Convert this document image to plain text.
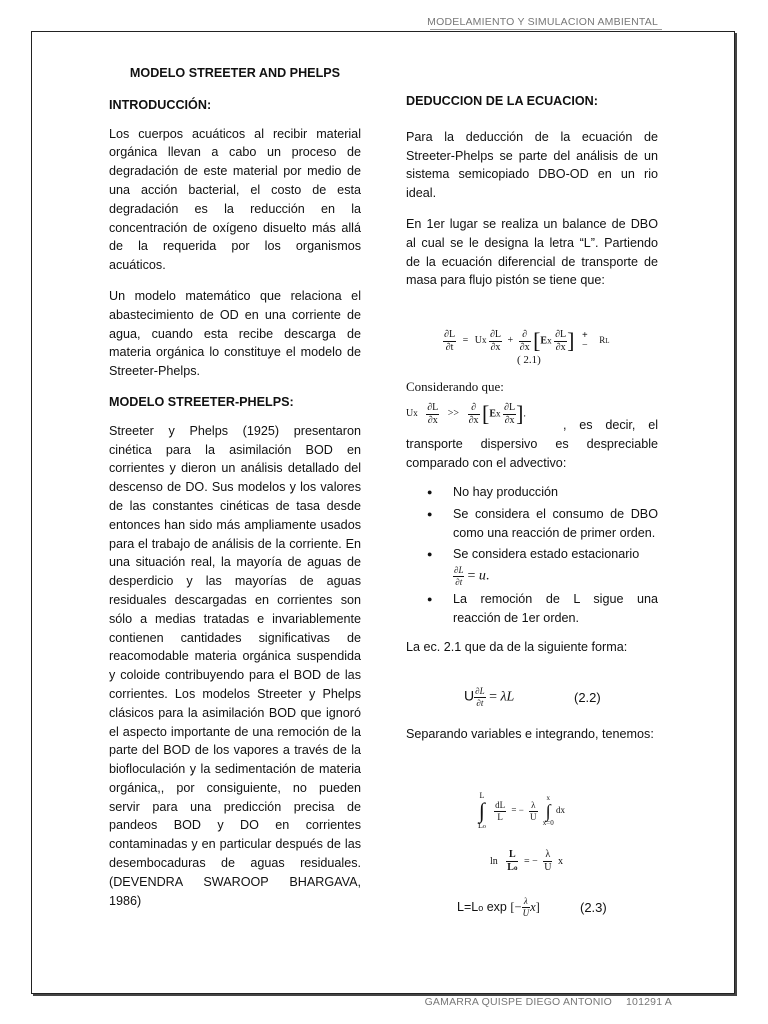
MODELAMIENTO Y SIMULACION AMBIENTAL

MODELO STREETER AND PHELPS

INTRODUCCIÓN:

Los cuerpos acuáticos al recibir material orgánica llevan a cabo un proceso de degradación de este material por medio de una acción bacterial, el costo de esta degradación es la reducción en la concentración de oxígeno disuelto más allá de la requerida por los organismos acuáticos.

Un modelo matemático que relaciona el abastecimiento de OD en una corriente de agua, cuando esta recibe descarga de materia orgánica lo constituye el modelo de Streeter-Phelps.

MODELO STREETER-PHELPS:

Streeter y Phelps (1925) presentaron cinética para la asimilación BOD en corrientes y dieron un análisis detallado del descenso de DO. Sus modelos y los valores de las constantes cinéticas de tasa desde entonces han sido más ampliamente usados para el trabajo de análisis de la corriente. En una situación real, la mayoría de aguas de desperdicio y las mayorías de aguas residuales descargadas en corrientes son sólo a medias tratadas e invariablemente contienen cantidades significativas de reacomodable materia orgánica suspendida y coloide contribuyendo para el BOD de las corrientes. Los modelos Streeter y Phelps clásicos para la asimilación BOD que ignoró el aspecto importante de una remoción de la parte del BOD de los vapores a través de la biofloculación y la sedimentación de materia orgánica,, por consiguiente, no pueden servir para una predicción precisa de pandeos BOD y DO en corrientes contaminadas y en particular después de las desembocaduras de aguas residuales. (DEVENDRA SWAROOP BHARGAVA, 1986)

DEDUCCION DE LA ECUACION:

Para la deducción de la ecuación de Streeter-Phelps se parte del análisis de un sistema semicopiado DBO-OD en un rio ideal.

En 1er lugar se realiza un balance de DBO al cual se le designa la letra “L”. Partiendo de la ecuación diferencial de transporte de masa para flujo pistón se tiene que:

$\frac{\partial L}{\partial t} = Ux \frac{\partial L}{\partial x} + \frac{\partial}{\partial x} [Ex \frac{\partial L}{\partial x}$ ] +
− RL
( 2.1)
Considerando que:
Ux $\frac{\partial L}{\partial x} >> \frac{\partial}{\partial x} [Ex \frac{\partial L}{\partial x}$ ].

, es decir, el transporte dispersivo es despreciable comparado con el advectivo:

● No hay producción
● Se considera el consumo de DBO como una reacción de primer orden.
● Se considera estado estacionario
$\frac{\partial L}{\partial t} = u$.
● La remoción de L sigue una reacción de 1er orden.

La ec. 2.1 que da de la siguiente forma:

U $\frac{\partial L}{\partial t} = \lambda L$	(2.2)

Separando variables e integrando, tenemos:

L
∫
Lo

$\frac{dL}{L}$ = − $\frac{\lambda}{U}$

x
∫
x=0
dx
$\ln \frac{L}{Lo}$ = − $\frac{\lambda}{U}$ x
L=Lo exp [− $\frac{\lambda}{U} x$]	(2.3)
GAMARRA QUISPE DIEGO ANTONIO 101291 A
